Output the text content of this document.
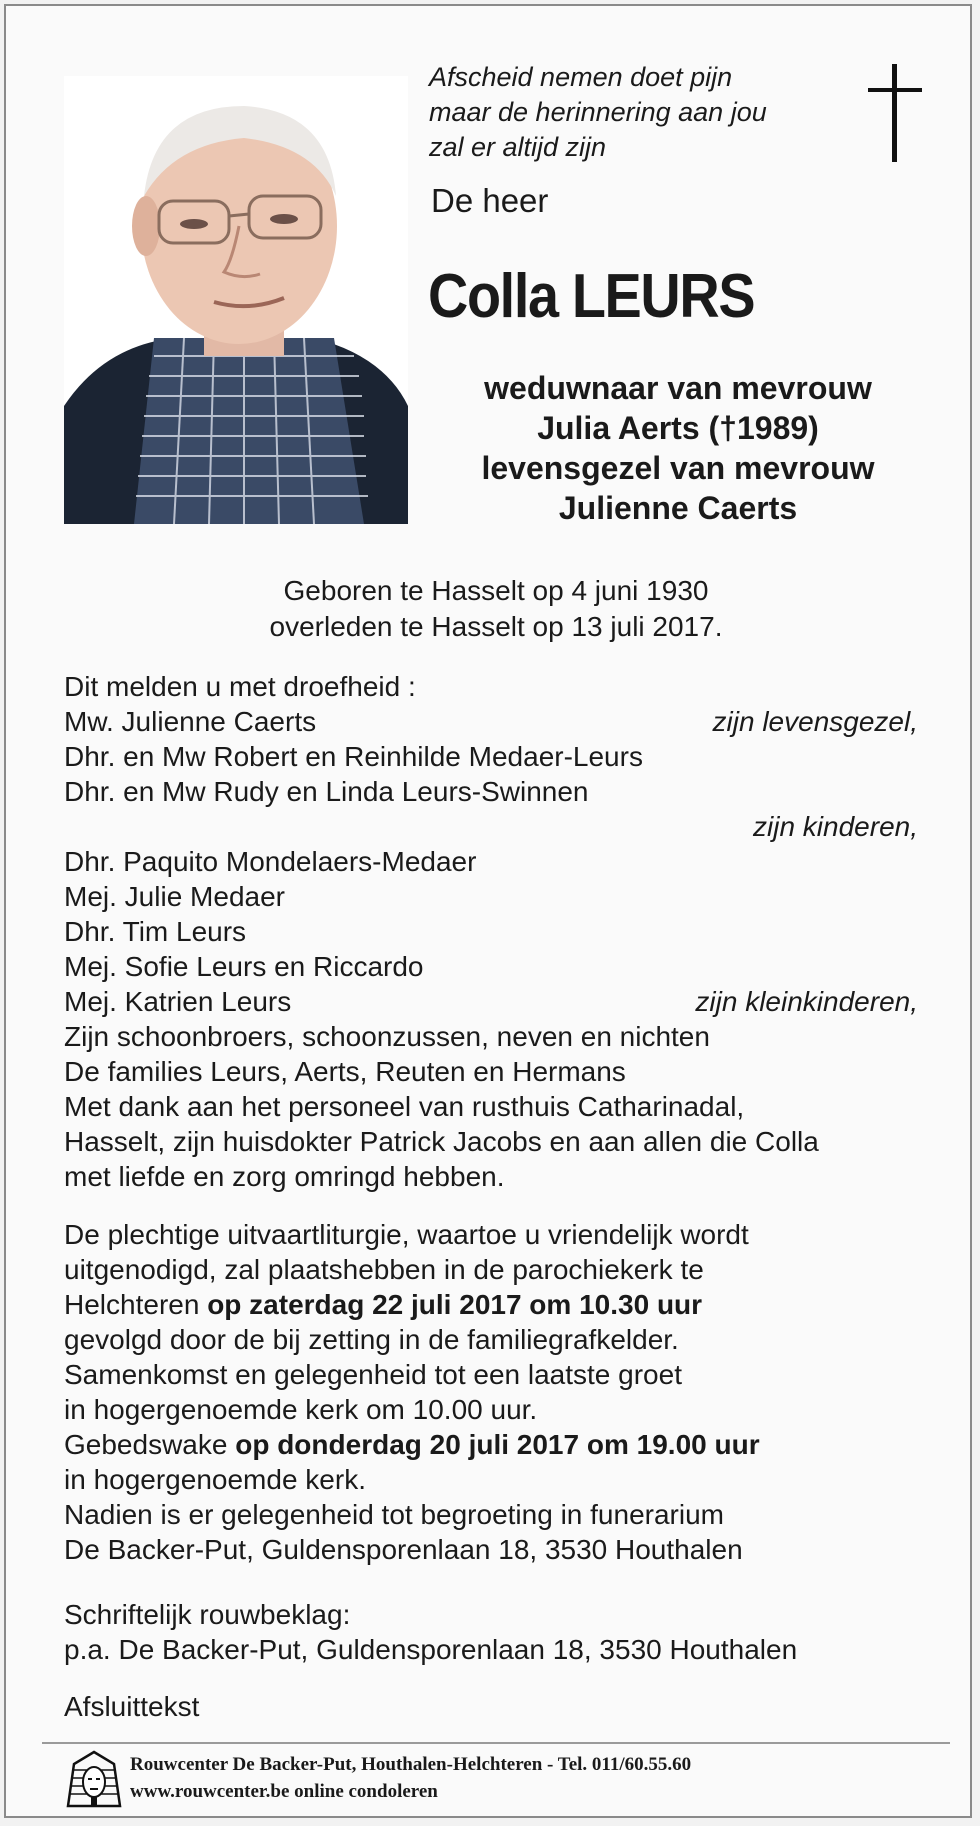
Afscheid nemen doet pijn
maar de herinnering aan jou
zal er altijd zijn
De heer
Colla LEURS
weduwnaar van mevrouw
Julia Aerts (†1989)
levensgezel van mevrouw
Julienne Caerts
Geboren te Hasselt op 4 juni 1930
overleden te Hasselt op 13 juli 2017.
Dit melden u met droefheid :
Mw. Julienne Caerts	zijn levensgezel,
Dhr. en Mw Robert en Reinhilde Medaer-Leurs
Dhr. en Mw Rudy en Linda Leurs-Swinnen
zijn kinderen,
Dhr. Paquito Mondelaers-Medaer
Mej. Julie Medaer
Dhr. Tim Leurs
Mej. Sofie Leurs en Riccardo
Mej. Katrien Leurs	zijn kleinkinderen,
Zijn schoonbroers, schoonzussen, neven en nichten
De families Leurs, Aerts, Reuten en Hermans
Met dank aan het personeel van rusthuis Catharinadal,
Hasselt, zijn huisdokter Patrick Jacobs en aan allen die Colla
met liefde en zorg omringd hebben.
De plechtige uitvaartliturgie, waartoe u vriendelijk wordt
uitgenodigd, zal plaatshebben in de parochiekerk te
Helchteren op zaterdag 22 juli 2017 om 10.30 uur
gevolgd door de bij zetting in de familiegrafkelder.
Samenkomst en gelegenheid tot een laatste groet
in hogergenoemde kerk om 10.00 uur.
Gebedswake op donderdag 20 juli 2017 om 19.00 uur
in hogergenoemde kerk.
Nadien is er gelegenheid tot begroeting in funerarium
De Backer-Put, Guldensporenlaan 18, 3530 Houthalen
Schriftelijk rouwbeklag:
p.a. De Backer-Put, Guldensporenlaan 18, 3530 Houthalen
Afsluittekst
Rouwcenter De Backer-Put, Houthalen-Helchteren - Tel. 011/60.55.60
www.rouwcenter.be online condoleren
